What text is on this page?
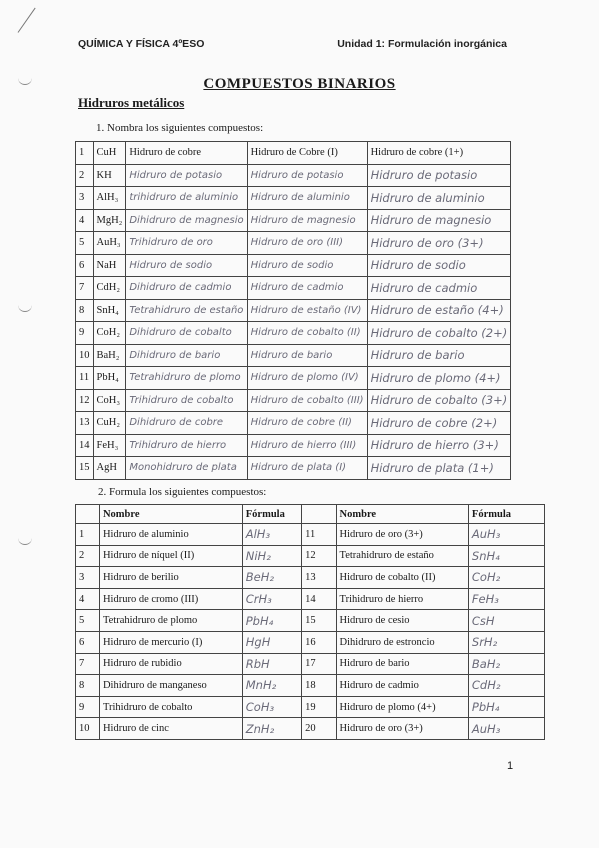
QUÍMICA Y FÍSICA 4ºESO	Unidad 1: Formulación inorgánica
COMPUESTOS BINARIOS
Hidruros metálicos
1. Nombra los siguientes compuestos:
1	CuH	Hidruro de cobre	Hidruro de Cobre (I)	Hidruro de cobre (1+)
2	KH	Hidruro de potasio	Hidruro de potasio	Hidruro de potasio
3	AlH₃	trihidruro de aluminio	Hidruro de aluminio	Hidruro de aluminio
4	MgH₂	Dihidruro de magnesio	Hidruro de magnesio	Hidruro de magnesio
5	AuH₃	Trihidruro de oro	Hidruro de oro (III)	Hidruro de oro (3+)
6	NaH	Hidruro de sodio	Hidruro de sodio	Hidruro de sodio
7	CdH₂	Dihidruro de cadmio	Hidruro de cadmio	Hidruro de cadmio
8	SnH₄	Tetrahidruro de estaño	Hidruro de estaño (IV)	Hidruro de estaño (4+)
9	CoH₂	Dihidruro de cobalto	Hidruro de cobalto (II)	Hidruro de cobalto (2+)
10	BaH₂	Dihidruro de bario	Hidruro de bario	Hidruro de bario
11	PbH₄	Tetrahidruro de plomo	Hidruro de plomo (IV)	Hidruro de plomo (4+)
12	CoH₃	Trihidruro de cobalto	Hidruro de cobalto (III)	Hidruro de cobalto (3+)
13	CuH₂	Dihidruro de cobre	Hidruro de cobre (II)	Hidruro de cobre (2+)
14	FeH₃	Trihidruro de hierro	Hidruro de hierro (III)	Hidruro de hierro (3+)
15	AgH	Monohidruro de plata	Hidruro de plata (I)	Hidruro de plata (1+)
2. Formula los siguientes compuestos:
	Nombre	Fórmula		Nombre	Fórmula
1	Hidruro de aluminio	AlH₃	11	Hidruro de oro (3+)	AuH₃
2	Hidruro de níquel (II)	NiH₂	12	Tetrahidruro de estaño	SnH₄
3	Hidruro de berilio	BeH₂	13	Hidruro de cobalto (II)	CoH₂
4	Hidruro de cromo (III)	CrH₃	14	Trihidruro de hierro	FeH₃
5	Tetrahidruro de plomo	PbH₄	15	Hidruro de cesio	CsH
6	Hidruro de mercurio (I)	HgH	16	Dihidruro de estroncio	SrH₂
7	Hidruro de rubidio	RbH	17	Hidruro de bario	BaH₂
8	Dihidruro de manganeso	MnH₂	18	Hidruro de cadmio	CdH₂
9	Trihidruro de cobalto	CoH₃	19	Hidruro de plomo (4+)	PbH₄
10	Hidruro de cinc	ZnH₂	20	Hidruro de oro (3+)	AuH₃
1
